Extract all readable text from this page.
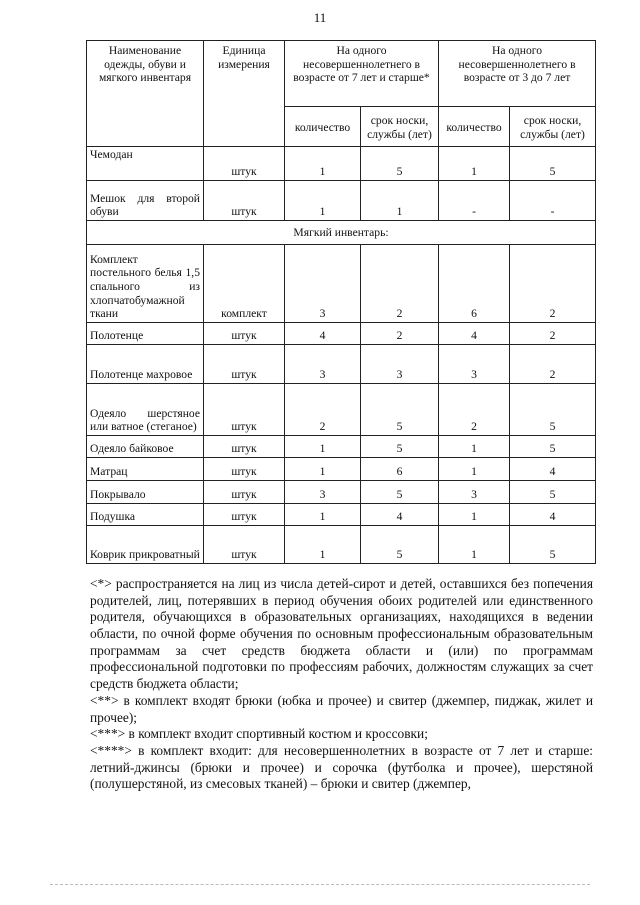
11
Наименование одежды, обуви и мягкого инвентаря	Единица измерения	На одного несовершеннолетнего в возрасте от 7 лет и старше*		На одного несовершеннолетнего в возрасте от 3 до 7 лет	
		количество	срок носки, службы (лет)	количество	срок носки, службы (лет)
Чемодан	штук	1	5	1	5
Мешок для второй обуви	штук	1	1	-	-
Мягкий инвентарь:					
Комплект постельного белья 1,5 спального из хлопчатобумажной ткани	комплект	3	2	6	2
Полотенце	штук	4	2	4	2
Полотенце махровое	штук	3	3	3	2
Одеяло шерстяное или ватное (стеганое)	штук	2	5	2	5
Одеяло байковое	штук	1	5	1	5
Матрац	штук	1	6	1	4
Покрывало	штук	3	5	3	5
Подушка	штук	1	4	1	4
Коврик прикроватный	штук	1	5	1	5

<*> распространяется на лиц из числа детей-сирот и детей, оставшихся без попечения родителей, лиц, потерявших в период обучения обоих родителей или единственного родителя, обучающихся в образовательных организациях, находящихся в ведении области, по очной форме обучения по основным профессиональным образовательным программам за счет средств бюджета области и (или) по программам профессиональной подготовки по профессиям рабочих, должностям служащих за счет средств бюджета области;

<**> в комплект входят брюки (юбка и прочее) и свитер (джемпер, пиджак, жилет и прочее);

<***> в комплект входит спортивный костюм и кроссовки;

<****> в комплект входит: для несовершеннолетних в возрасте от 7 лет и старше: летний-джинсы (брюки и прочее) и сорочка (футболка и прочее), шерстяной (полушерстяной, из смесовых тканей) – брюки и свитер (джемпер,
